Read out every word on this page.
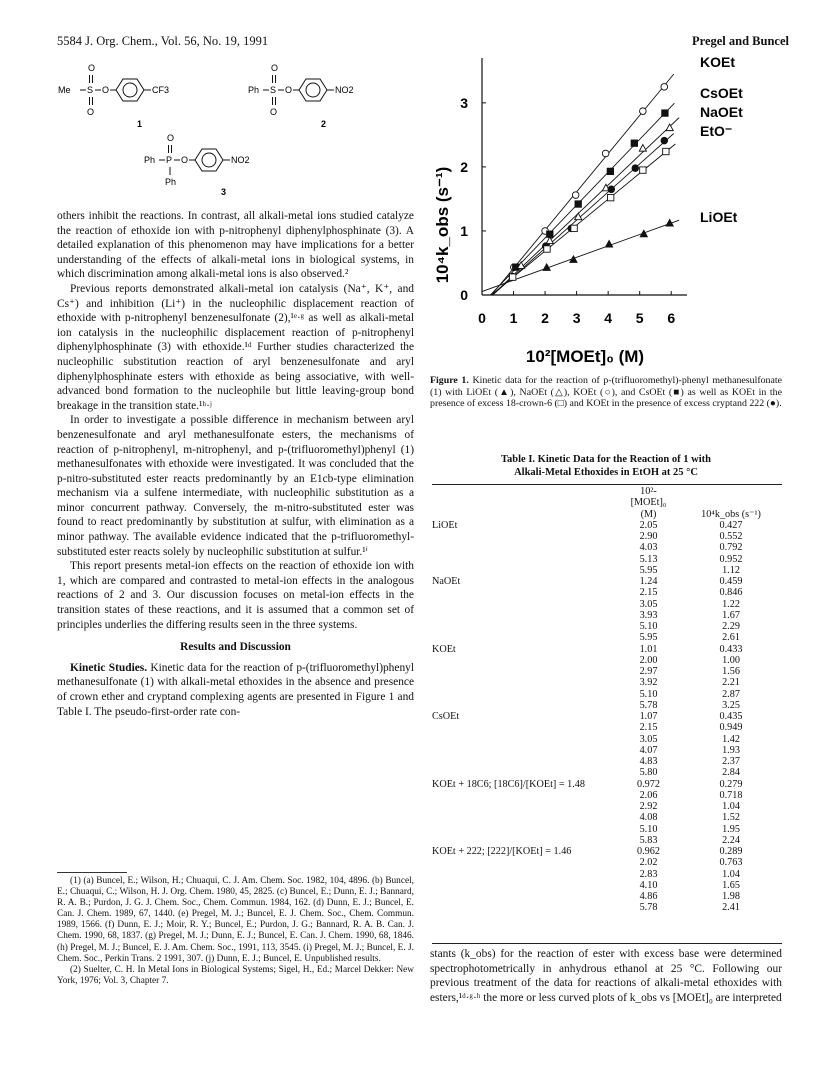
5584 J. Org. Chem., Vol. 56, No. 19, 1991	Pregel and Buncel
Me S
O
O
O	CF3
1
Ph S
O
O
O	NO2
2
Ph P
O
Ph
O	NO2
3

others inhibit the reactions. In contrast, all alkali-metal ions studied catalyze the reaction of ethoxide ion with p-nitrophenyl diphenylphosphinate (3). A detailed explanation of this phenomenon may have implications for a better understanding of the effects of alkali-metal ions in biological systems, in which discrimination among alkali-metal ions is also observed.²

Previous reports demonstrated alkali-metal ion catalysis (Na⁺, K⁺, and Cs⁺) and inhibition (Li⁺) in the nucleophilic displacement reaction of ethoxide with p-nitrophenyl benzenesulfonate (2),¹ᵉ·ᵍ as well as alkali-metal ion catalysis in the nucleophilic displacement reaction of p-nitrophenyl diphenylphosphinate (3) with ethoxide.¹ᵈ Further studies characterized the nucleophilic substitution reaction of aryl benzenesulfonate and aryl diphenylphosphinate esters with ethoxide as being associative, with well-advanced bond formation to the nucleophile but little leaving-group bond breakage in the transition state.¹ʰ·ʲ

In order to investigate a possible difference in mechanism between aryl benzenesulfonate and aryl methanesulfonate esters, the mechanisms of reaction of p-nitrophenyl, m-nitrophenyl, and p-(trifluoromethyl)phenyl (1) methanesulfonates with ethoxide were investigated. It was concluded that the p-nitro-substituted ester reacts predominantly by an E1cb-type elimination mechanism via a sulfene intermediate, with nucleophilic substitution as a minor concurrent pathway. Conversely, the m-nitro-substituted ester was found to react predominantly by substitution at sulfur, with elimination as a minor pathway. The available evidence indicated that the p-trifluoromethyl-substituted ester reacts solely by nucleophilic substitution at sulfur.¹ⁱ

This report presents metal-ion effects on the reaction of ethoxide ion with 1, which are compared and contrasted to metal-ion effects in the analogous reactions of 2 and 3. Our discussion focuses on metal-ion effects in the transition states of these reactions, and it is assumed that a common set of principles underlies the differing results seen in the three systems.

Results and Discussion

Kinetic Studies. Kinetic data for the reaction of p-(trifluoromethyl)phenyl methanesulfonate (1) with alkali-metal ethoxides in the absence and presence of crown ether and cryptand complexing agents are presented in Figure 1 and Table I. The pseudo-first-order rate con-

(1) (a) Buncel, E.; Wilson, H.; Chuaqui, C. J. Am. Chem. Soc. 1982, 104, 4896. (b) Buncel, E.; Chuaqui, C.; Wilson, H. J. Org. Chem. 1980, 45, 2825. (c) Buncel, E.; Dunn, E. J.; Bannard, R. A. B.; Purdon, J. G. J. Chem. Soc., Chem. Commun. 1984, 162. (d) Dunn, E. J.; Buncel, E. Can. J. Chem. 1989, 67, 1440. (e) Pregel, M. J.; Buncel, E. J. Chem. Soc., Chem. Commun. 1989, 1566. (f) Dunn, E. J.; Moir, R. Y.; Buncel, E.; Purdon, J. G.; Bannard, R. A. B. Can. J. Chem. 1990, 68, 1837. (g) Pregel, M. J.; Dunn, E. J.; Buncel, E. Can. J. Chem. 1990, 68, 1846. (h) Pregel, M. J.; Buncel, E. J. Am. Chem. Soc., 1991, 113, 3545. (i) Pregel, M. J.; Buncel, E. J. Chem. Soc., Perkin Trans. 2 1991, 307. (j) Dunn, E. J.; Buncel, E. Unpublished results.

(2) Suelter, C. H. In Metal Ions in Biological Systems; Sigel, H., Ed.; Marcel Dekker: New York, 1976; Vol. 3, Chapter 7.

0 1 2 3 4 5 6
0
1
2
3
KOEt
CsOEt
NaOEt
EtO⁻
LiOEt
10²[MOEt]₀ (M)
10⁴k_obs (s⁻¹)
Figure 1. Kinetic data for the reaction of p-(trifluoromethyl)-phenyl methanesulfonate (1) with LiOEt (▲), NaOEt (△), KOEt (○), and CsOEt (■) as well as KOEt in the presence of excess 18-crown-6 (□) and KOEt in the presence of excess cryptand 222 (●).
Table I. Kinetic Data for the Reaction of 1 with
Alkali-Metal Ethoxides in EtOH at 25 °C

	10²-
[MOEt]₀
(M)	10⁴k_obs (s⁻¹)
LiOEt	2.05	0.427
	2.90	0.552
	4.03	0.792
	5.13	0.952
	5.95	1.12
NaOEt	1.24	0.459
	2.15	0.846
	3.05	1.22
	3.93	1.67
	5.10	2.29
	5.95	2.61
KOEt	1.01	0.433
	2.00	1.00
	2.97	1.56
	3.92	2.21
	5.10	2.87
	5.78	3.25
CsOEt	1.07	0.435
	2.15	0.949
	3.05	1.42
	4.07	1.93
	4.83	2.37
	5.80	2.84
KOEt + 18C6; [18C6]/[KOEt] = 1.48	0.972	0.279
	2.06	0.718
	2.92	1.04
	4.08	1.52
	5.10	1.95
	5.83	2.24
KOEt + 222; [222]/[KOEt] = 1.46	0.962	0.289
	2.02	0.763
	2.83	1.04
	4.10	1.65
	4.86	1.98
	5.78	2.41

stants (k_obs) for the reaction of ester with excess base were determined spectrophotometrically in anhydrous ethanol at 25 °C. Following our previous treatment of the data for reactions of alkali-metal ethoxides with esters,¹ᵈ·ᵍ·ʰ the more or less curved plots of k_obs vs [MOEt]₀ are interpreted
